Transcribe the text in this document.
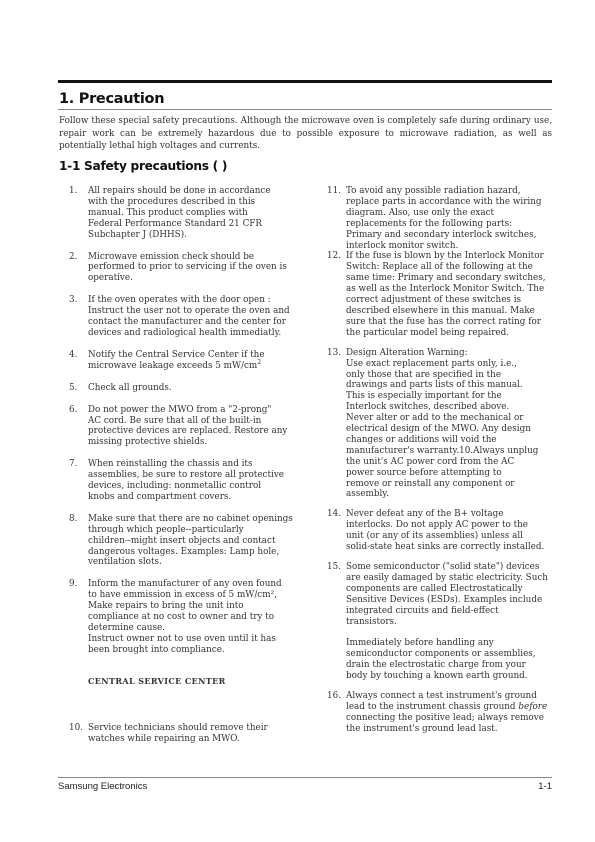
1. Precaution

Follow these special safety precautions. Although the microwave oven is completely safe during ordinary use, repair work can be extremely hazardous due to possible exposure to microwave radiation, as well as potentially lethal high voltages and currents.

1-1 Safety precautions ( )
1. All repairs should be done in accordance
with the procedures described in this
manual. This product complies with
Federal Performance Standard 21 CFR
Subchapter J (DHHS).
2. Microwave emission check should be
performed to prior to servicing if the oven is
operative.
3. If the oven operates with the door open :
Instruct the user not to operate the oven and
contact the manufacturer and the center for
devices and radiological health immediatly.
4. Notify the Central Service Center if the
microwave leakage exceeds 5 $mW/cm^2$
5. Check all grounds.
6. Do not power the MWO from a "2-prong"
AC cord. Be sure that all of the built-in
protective devices are replaced. Restore any
missing protective shields.
7. When reinstalling the chassis and its
assemblies, be sure to restore all protective
devices, including: nonmetallic control
knobs and compartment covers.
8. Make sure that there are no cabinet openings
through which people--particularly
children--might insert objects and contact
dangerous voltages. Examples: Lamp hole,
ventilation slots.
9. Inform the manufacturer of any oven found
to have emmission in excess of 5 mW/cm²,
Make repairs to bring the unit into
compliance at no cost to owner and try to
determine cause.
Instruct owner not to use oven until it has
been brought into compliance.
CENTRAL SERVICE CENTER
10. Service technicians should remove their
watches while repairing an MWO.
11. To avoid any possible radiation hazard,
replace parts in accordance with the wiring
diagram. Also, use only the exact
replacements for the following parts:
Primary and secondary interlock switches,
interlock monitor switch.
12. If the fuse is blown by the Interlock Monitor
Switch: Replace all of the following at the
same time: Primary and secondary switches,
as well as the Interlock Monitor Switch. The
correct adjustment of these switches is
described elsewhere in this manual. Make
sure that the fuse has the correct rating for
the particular model being repaired.
13. Design Alteration Warning:
Use exact replacement parts only, i.e.,
only those that are specified in the
drawings and parts lists of this manual.
This is especially important for the
Interlock switches, described above.
Never alter or add to the mechanical or
electrical design of the MWO. Any design
changes or additions will void the
manufacturer's warranty.10.Always unplug
the unit's AC power cord from the AC
power source before attempting to
remove or reinstall any component or
assembly.
14. Never defeat any of the B+ voltage
interlocks. Do not apply AC power to the
unit (or any of its assemblies) unless all
solid-state heat sinks are correctly installed.
15. Some semiconductor ("solid state") devices
are easily damaged by static electricity. Such
components are called Electrostatically
Sensitive Devices (ESDs). Examples include
integrated circuits and field-effect
transistors.

Immediately before handling any
semiconductor components or assemblies,
drain the electrostatic charge from your
body by touching a known earth ground.
16. Always connect a test instrument's ground
lead to the instrument chassis ground before
connecting the positive lead; always remove
the instrument's ground lead last.

Samsung Electronics	1-1
